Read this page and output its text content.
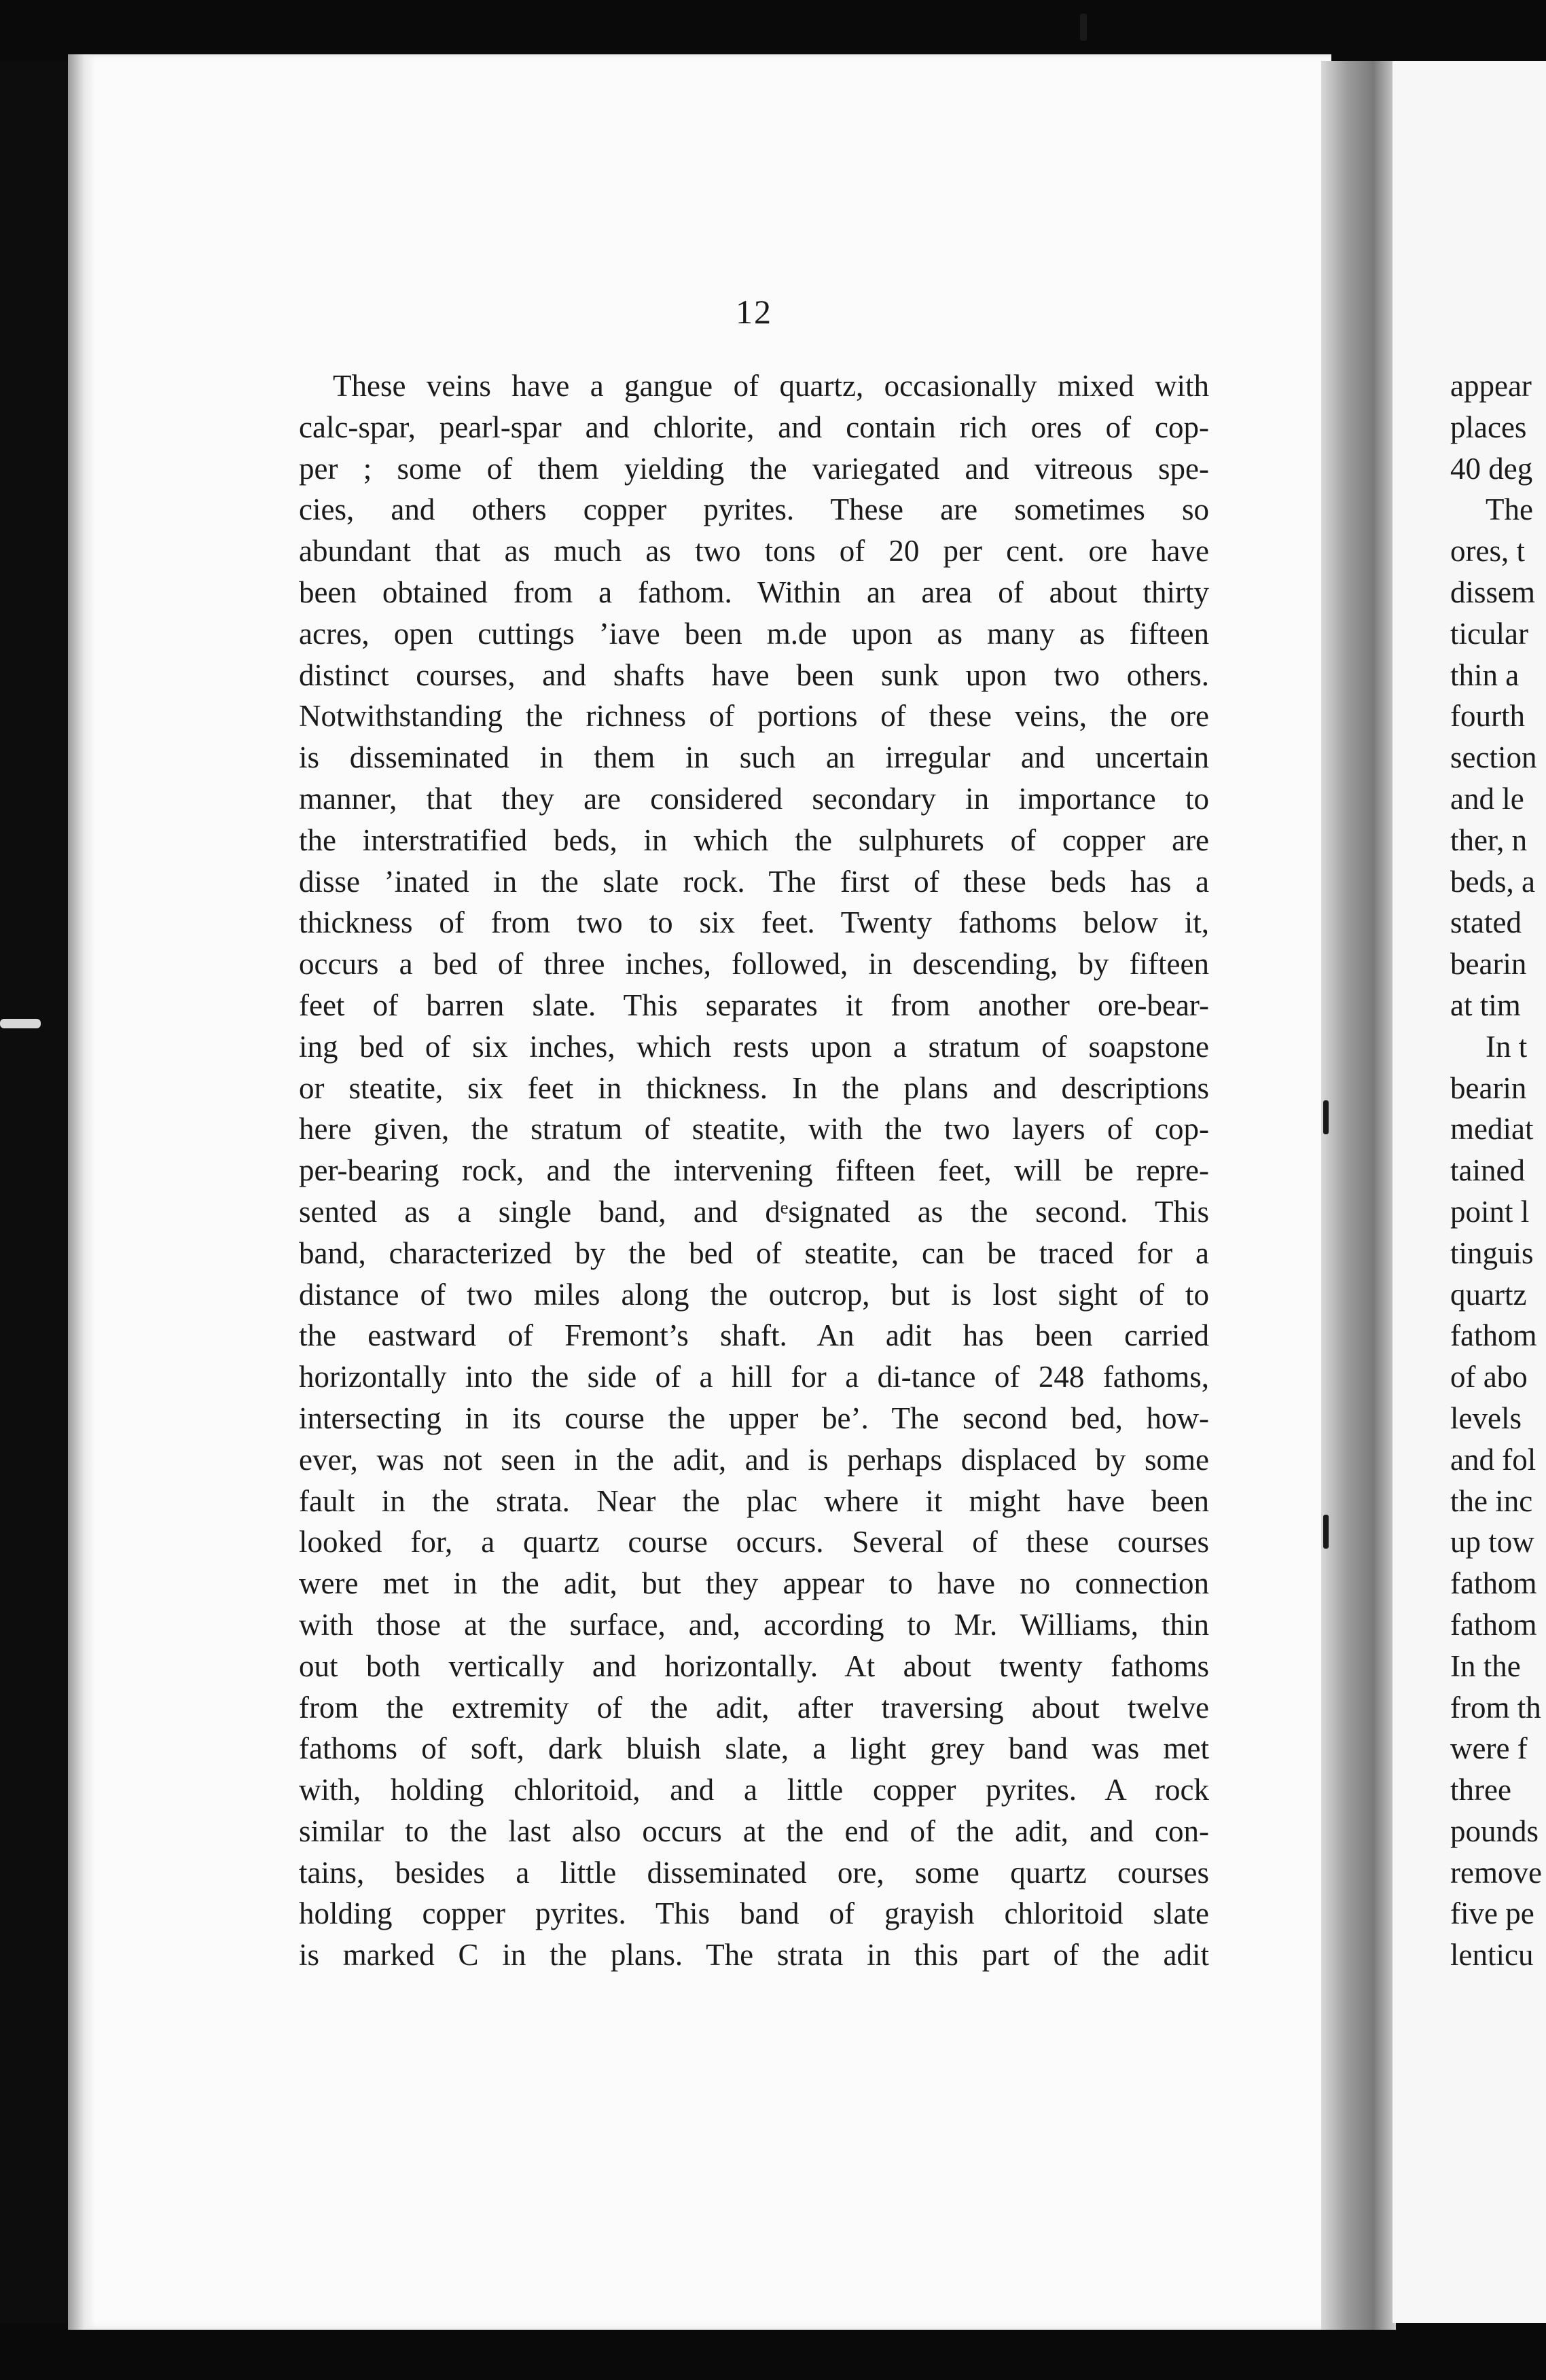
12
These veins have a gangue of quartz, occasionally mixed with
calc-spar, pearl-spar and chlorite, and contain rich ores of cop-
per ; some of them yielding the variegated and vitreous spe-
cies, and others copper pyrites. These are sometimes so
abundant that as much as two tons of 20 per cent. ore have
been obtained from a fathom. Within an area of about thirty
acres, open cuttings ’iave been m.de upon as many as fifteen
distinct courses, and shafts have been sunk upon two others.
Notwithstanding the richness of portions of these veins, the ore
is disseminated in them in such an irregular and uncertain
manner, that they are considered secondary in importance to
the interstratified beds, in which the sulphurets of copper are
disse ’inated in the slate rock. The first of these beds has a
thickness of from two to six feet. Twenty fathoms below it,
occurs a bed of three inches, followed, in descending, by fifteen
feet of barren slate. This separates it from another ore-bear-
ing bed of six inches, which rests upon a stratum of soapstone
or steatite, six feet in thickness. In the plans and descriptions
here given, the stratum of steatite, with the two layers of cop-
per-bearing rock, and the intervening fifteen feet, will be repre-
sented as a single band, and dᵉsignated as the second. This
band, characterized by the bed of steatite, can be traced for a
distance of two miles along the outcrop, but is lost sight of to
the eastward of Fremont’s shaft. An adit has been carried
horizontally into the side of a hill for a di-tance of 248 fathoms,
intersecting in its course the upper be’. The second bed, how-
ever, was not seen in the adit, and is perhaps displaced by some
fault in the strata. Near the plac where it might have been
looked for, a quartz course occurs. Several of these courses
were met in the adit, but they appear to have no connection
with those at the surface, and, according to Mr. Williams, thin
out both vertically and horizontally. At about twenty fathoms
from the extremity of the adit, after traversing about twelve
fathoms of soft, dark bluish slate, a light grey band was met
with, holding chloritoid, and a little copper pyrites. A rock
similar to the last also occurs at the end of the adit, and con-
tains, besides a little disseminated ore, some quartz courses
holding copper pyrites. This band of grayish chloritoid slate
is marked C in the plans. The strata in this part of the adit
appear
places
40 deg
The
ores, t
dissem
ticular
thin a
fourth
section
and le
ther, n
beds, a
stated
bearin
at tim
In t
bearin
mediat
tained
point l
tinguis
quartz
fathom
of abo
levels
and fol
the inc
up tow
fathom
fathom
In the
from th
were f
three
pounds
remove
five pe
lenticu
